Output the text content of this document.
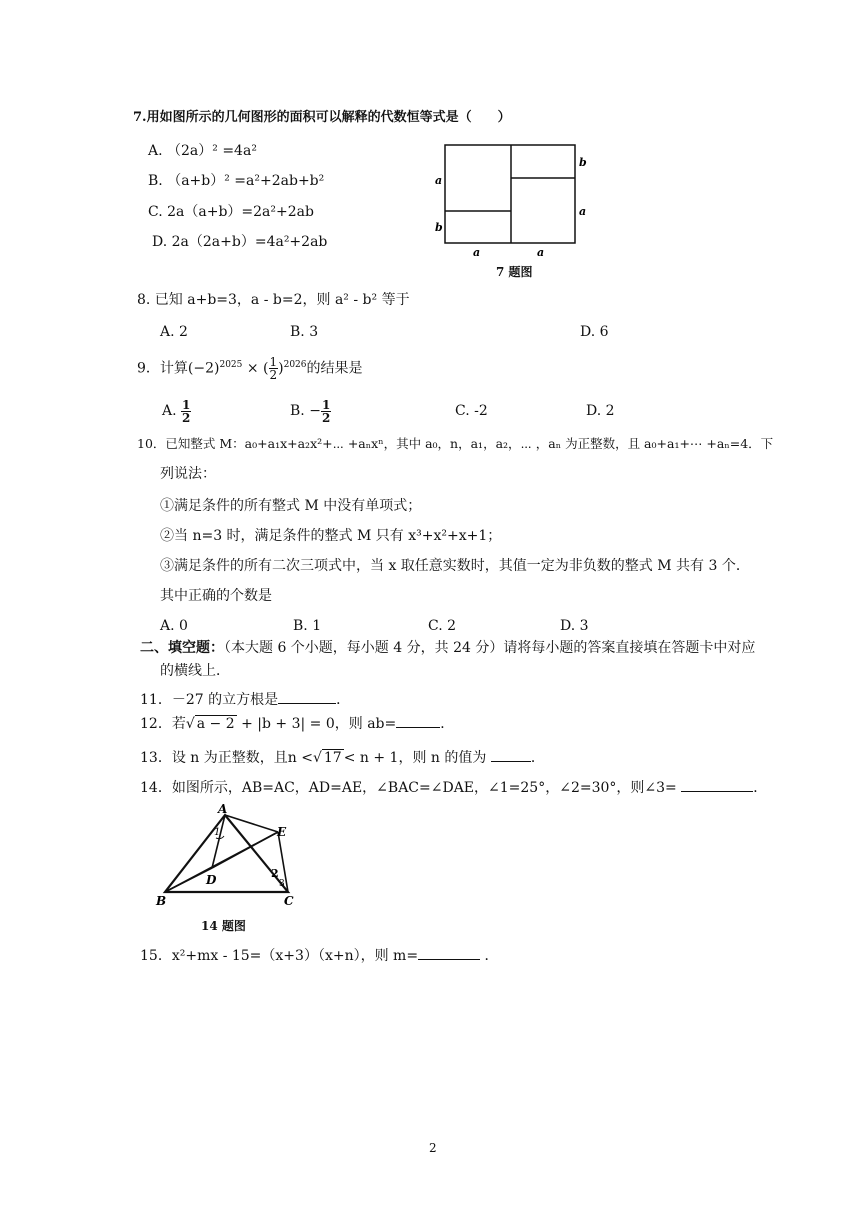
7.用如图所示的几何图形的面积可以解释的代数恒等式是（　　）
A. （2a）² =4a²
B. （a+b）² =a²+2ab+b²
C. 2a（a+b）=2a²+2ab
D. 2a（2a+b）=4a²+2ab
a
b
b
a
a	a
7 题图
8. 已知 a+b=3，a - b=2，则 a² - b² 等于
A. 2	B. 3	D. 6
9．计算$(-2)^{2025}$ × ( $\frac{1}{2} )^{2026}$的结果是
A. $\frac{1}{2}$	B. − $\frac{1}{2}$	C. -2	D. 2
10．已知整式 M：a₀+a₁x+a₂x²+⋯ +aₙxⁿ，其中 a₀，n，a₁，a₂，⋯ ，aₙ 为正整数，且 a₀+a₁+⋯ +aₙ=4．下
列说法：
①满足条件的所有整式 M 中没有单项式；
②当 n=3 时，满足条件的整式 M 只有 x³+x²+x+1；
③满足条件的所有二次三项式中，当 x 取任意实数时，其值一定为非负数的整式 M 共有 3 个．
其中正确的个数是
A. 0	B. 1	C. 2	D. 3
二、填空题：（本大题 6 个小题，每小题 4 分，共 24 分）请将每小题的答案直接填在答题卡中对应
的横线上．
11．－27 的立方根是	．
12．若√ a − 2 + |b + 3| = 0，则 ab=	．
13．设 n 为正整数，且n <√ 17 < n + 1，则 n 的值为	．
14．如图所示，AB=AC，AD=AE，∠BAC=∠DAE，∠1=25°，∠2=30°，则∠3=	．
A
B	C
D
E
1
2
3
14 题图
15．x²+mx - 15=（x+3）（x+n），则 m=	．
2
